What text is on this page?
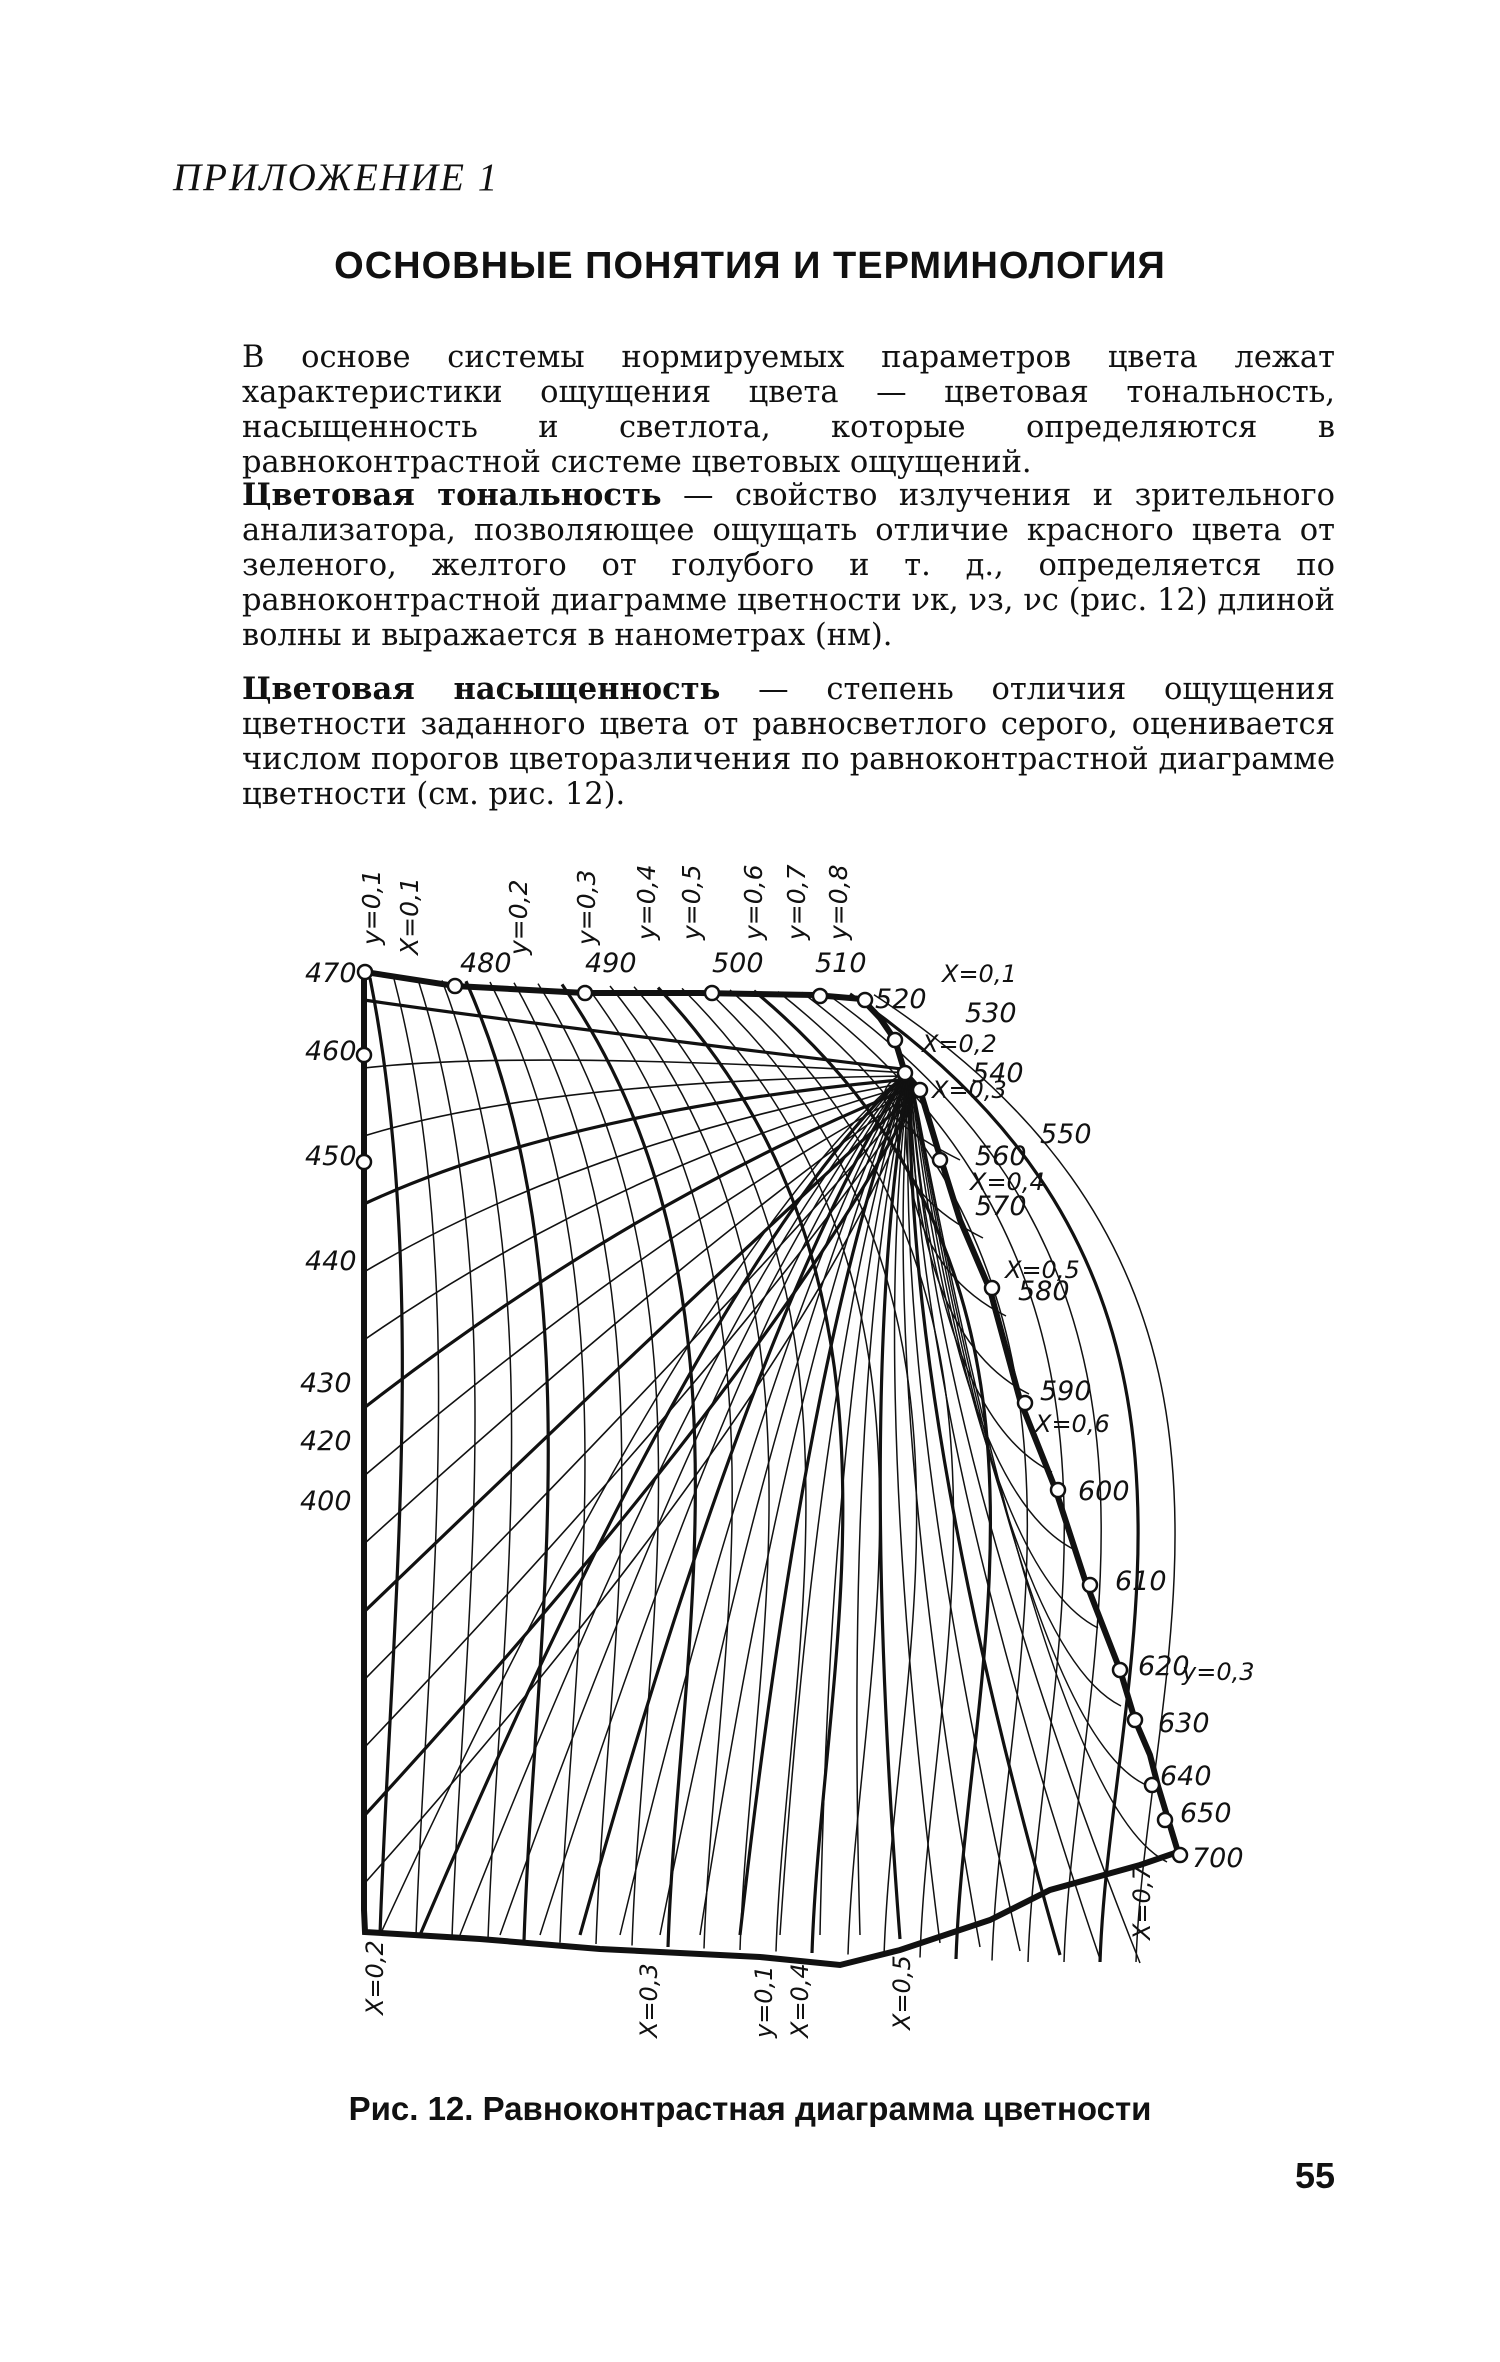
ПРИЛОЖЕНИЕ 1
ОСНОВНЫЕ ПОНЯТИЯ И ТЕРМИНОЛОГИЯ

В основе системы нормируемых параметров цвета лежат характеристики ощущения цвета — цветовая тональность, насыщенность и светлота, которые определяются в равноконтрастной системе цветовых ощущений.

Цветовая тональность — свойство излучения и зрительного анализатора, позволяющее ощущать отличие красного цвета от зеленого, желтого от голубого и т. д., определяется по равноконтрастной диаграмме цветности νк, νз, νс (рис. 12) длиной волны и выражается в нанометрах (нм).

Цветовая насыщенность — степень отличия ощущения цветности заданного цвета от равносветлого серого, оценивается числом порогов цветоразличения по равноконтрастной диаграмме цветности (см. рис. 12).

y=0,1 X=0,1	y=0,2 y=0,3 y=0,4 y=0,5 y=0,6 y=0,7 y=0,8
470
460
450
440
430
420
400
480	490	500 510
520 530
540
550
560
570
580
590
600
610
620
630
640
650
700
X=0,1
X=0,2
X=0,3
X=0,4
X=0,5
X=0,6
y=0,3
X=0,2	X=0,3	y=0,1 X=0,4	X=0,5
X=0,7

Рис. 12. Равноконтрастная диаграмма цветности

55
